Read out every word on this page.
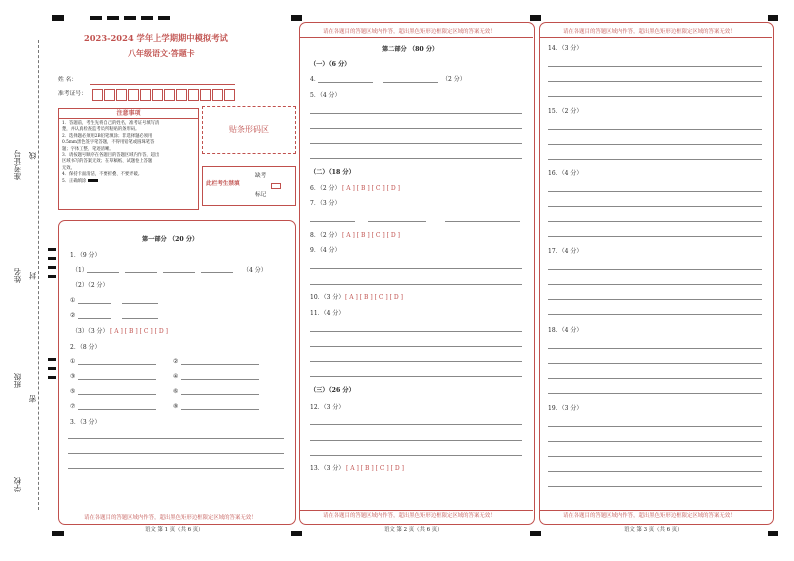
准考证号 线
姓名 封
班级
密
学校
2023-2024 学年上学期期中模拟考试
八年级语文·答题卡
姓 名：
准考证号：
注意事项
1．答题前，考生先将自己的姓名，准考证号填写清
楚，并认真检查监考员所粘贴的条形码。
2．选择题必须用2B铅笔填涂；非选择题必须用
0.5mm黑色签字笔答题，不得用铅笔或圆珠笔答
题；字体工整、笔迹清晰。
3．请按题号顺序在各题目的答题区域内作答，超出
区域书写的答案无效；在草稿纸、试题卷上答题
无效。
4．保持卡面清洁，不要折叠、不要弄破。
5．正确填涂
贴条形码区
此栏考生禁填
缺考
标记
第一部分 （20 分）
1．（9 分）
（1）	（4 分）
（2）（2 分）
①
②
（3）（3 分） [ A ] [ B ] [ C ] [ D ]
2．（8 分）
①	②
③	④
⑤	⑥
⑦	⑧
3．（3 分）
请在各题目的答题区域内作答，超出黑色矩形边框限定区域的答案无效！
语文 第 1 页（共 6 页）
请在各题目的答题区域内作答，超出黑色矩形边框限定区域的答案无效！
第二部分 （80 分）
（一）（6 分）
4．	（2 分）
5．（4 分）
（二）（18 分）
6．（2 分） [ A ] [ B ] [ C ] [ D ]
7．（3 分）
8．（2 分） [ A ] [ B ] [ C ] [ D ]
9．（4 分）
10．（3 分） [ A ] [ B ] [ C ] [ D ]
11．（4 分）
（三）（26 分）
12．（3 分）
13．（3 分） [ A ] [ B ] [ C ] [ D ]
请在各题目的答题区域内作答，超出黑色矩形边框限定区域的答案无效！
语文 第 2 页（共 6 页）
请在各题目的答题区域内作答，超出黑色矩形边框限定区域的答案无效！
14．（3 分）
15．（2 分）
16．（4 分）
17．（4 分）
18．（4 分）
19．（3 分）
请在各题目的答题区域内作答，超出黑色矩形边框限定区域的答案无效！
语文 第 3 页（共 6 页）
